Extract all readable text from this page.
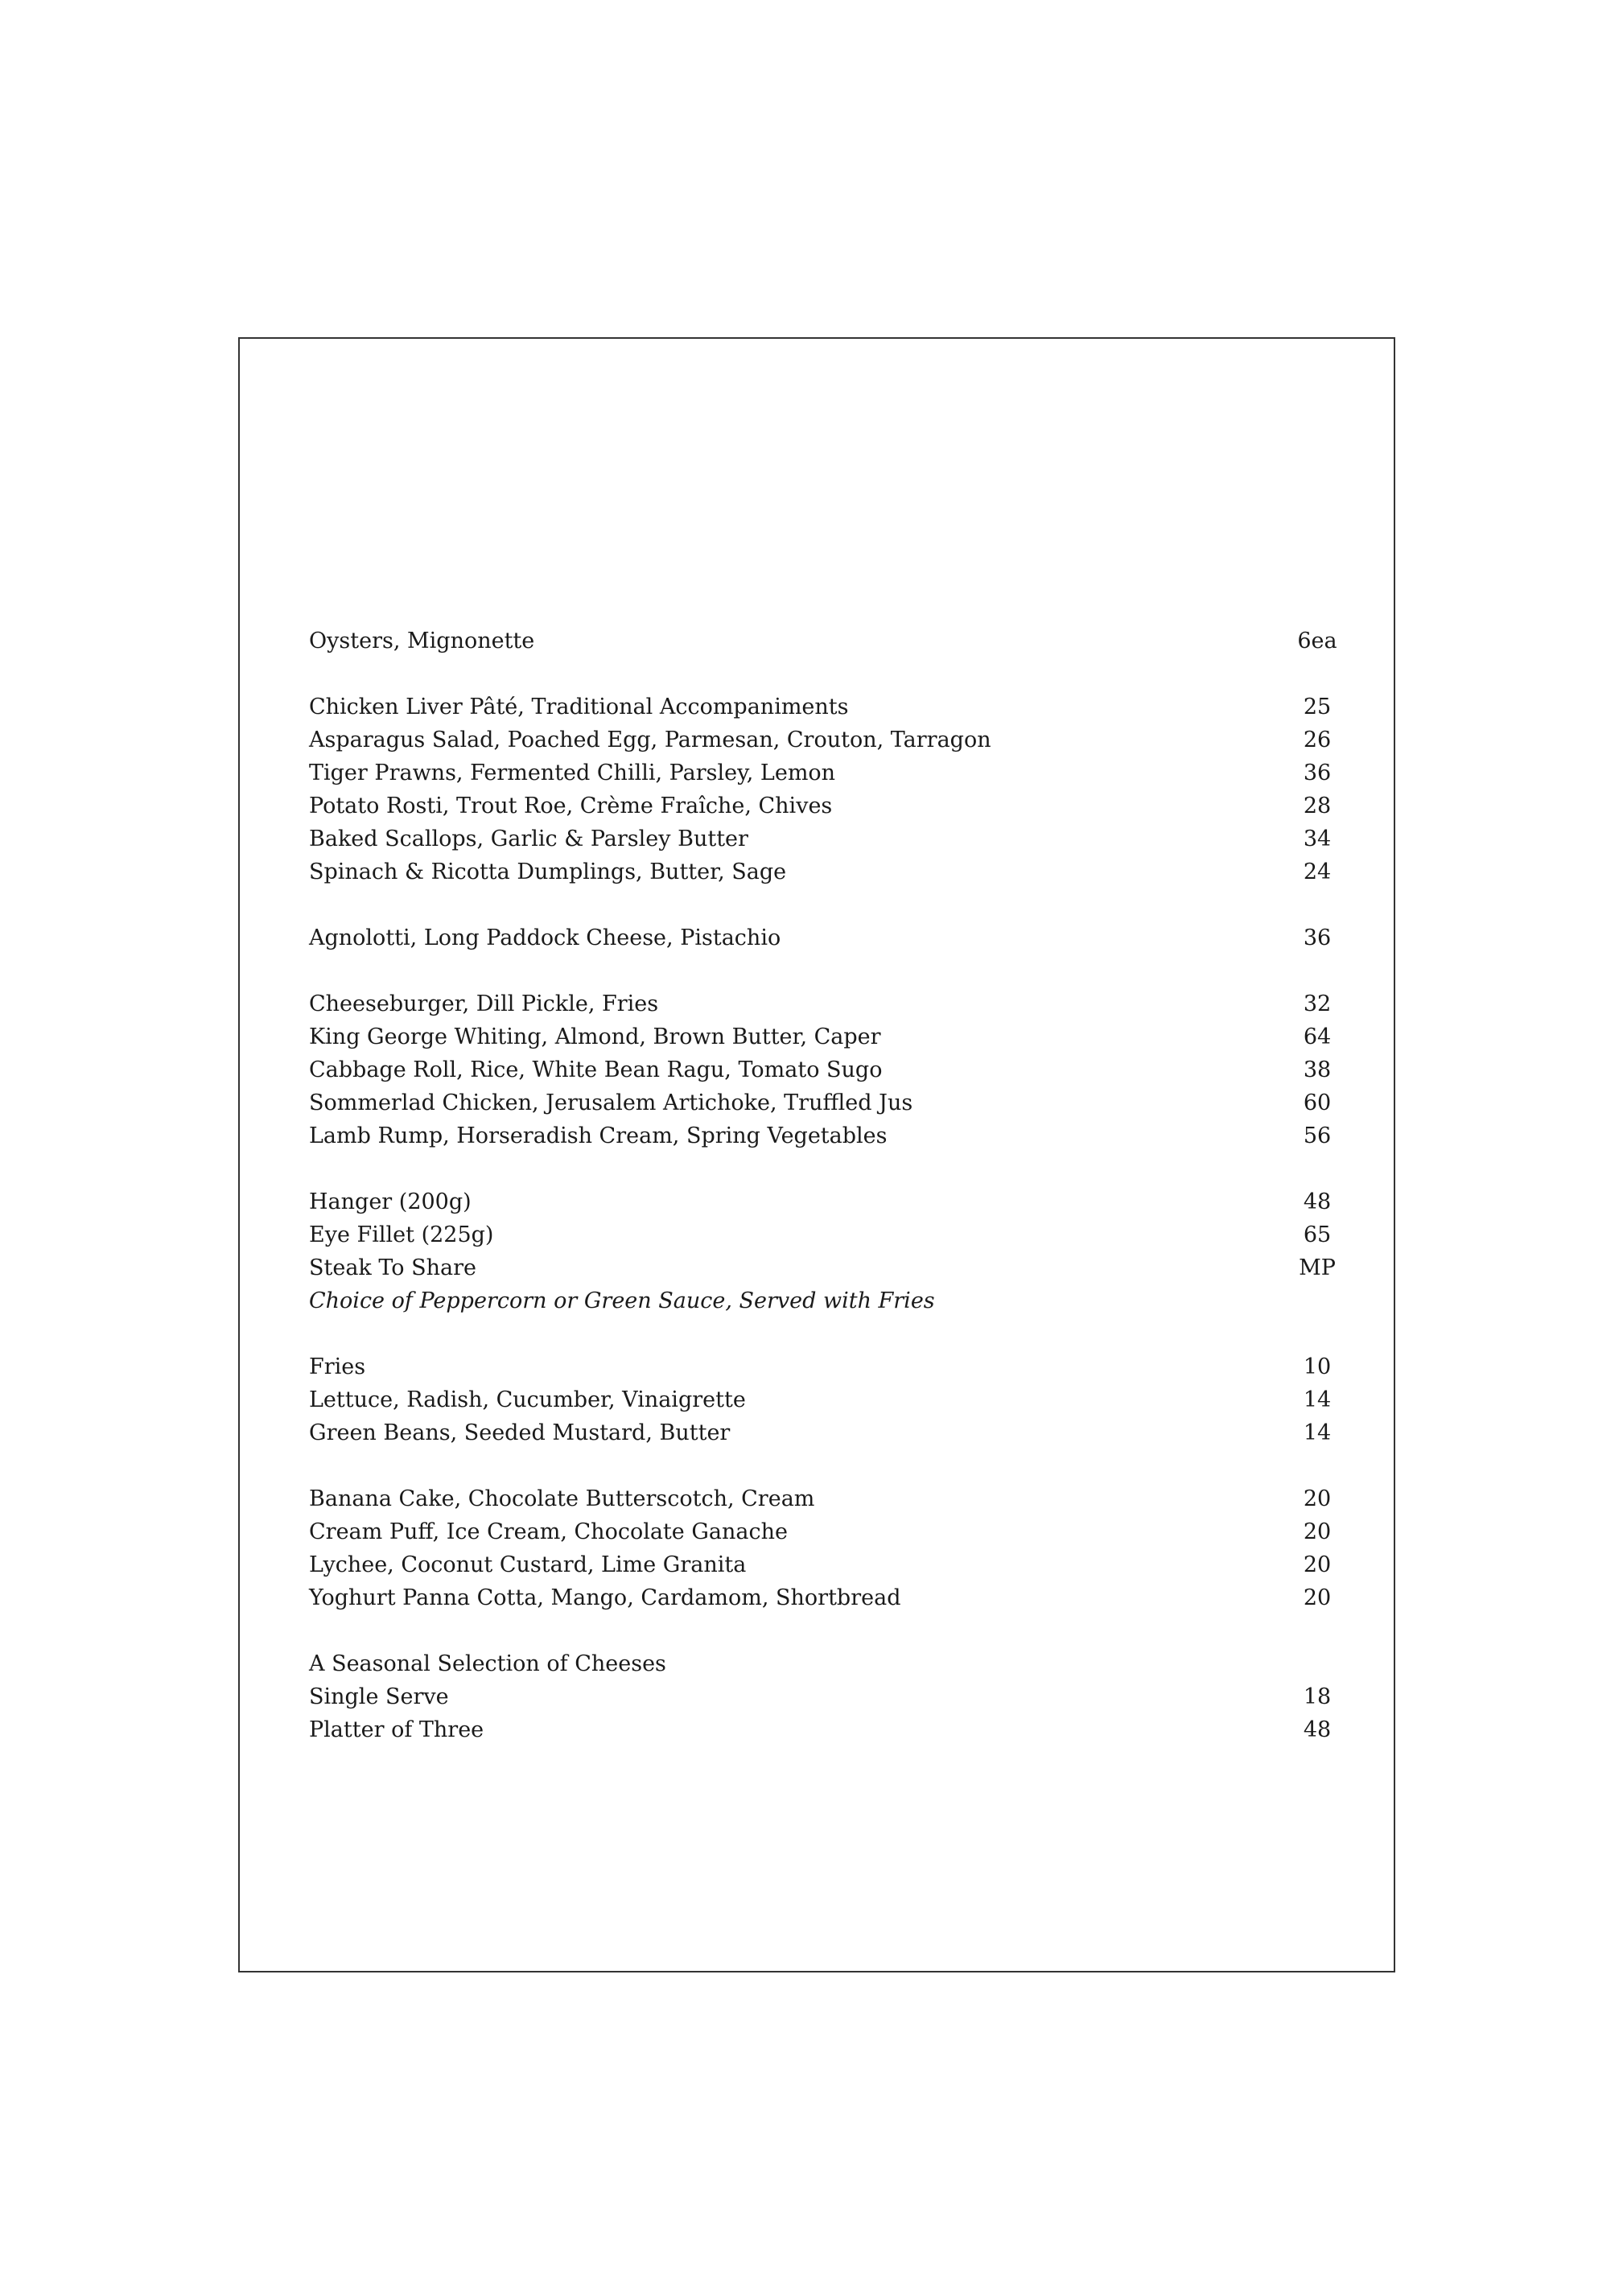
Oysters, Mignonette	6ea
Chicken Liver Pâté, Traditional Accompaniments	25
Asparagus Salad, Poached Egg, Parmesan, Crouton, Tarragon	26
Tiger Prawns, Fermented Chilli, Parsley, Lemon	36
Potato Rosti, Trout Roe, Crème Fraîche, Chives	28
Baked Scallops, Garlic & Parsley Butter	34
Spinach & Ricotta Dumplings, Butter, Sage	24
Agnolotti, Long Paddock Cheese, Pistachio	36
Cheeseburger, Dill Pickle, Fries	32
King George Whiting, Almond, Brown Butter, Caper	64
Cabbage Roll, Rice, White Bean Ragu, Tomato Sugo	38
Sommerlad Chicken, Jerusalem Artichoke, Truffled Jus	60
Lamb Rump, Horseradish Cream, Spring Vegetables	56
Hanger (200g)	48
Eye Fillet (225g)	65
Steak To Share	MP
Choice of Peppercorn or Green Sauce, Served with Fries
Fries	10
Lettuce, Radish, Cucumber, Vinaigrette	14
Green Beans, Seeded Mustard, Butter	14
Banana Cake, Chocolate Butterscotch, Cream	20
Cream Puff, Ice Cream, Chocolate Ganache	20
Lychee, Coconut Custard, Lime Granita	20
Yoghurt Panna Cotta, Mango, Cardamom, Shortbread	20
A Seasonal Selection of Cheeses
Single Serve	18
Platter of Three	48
